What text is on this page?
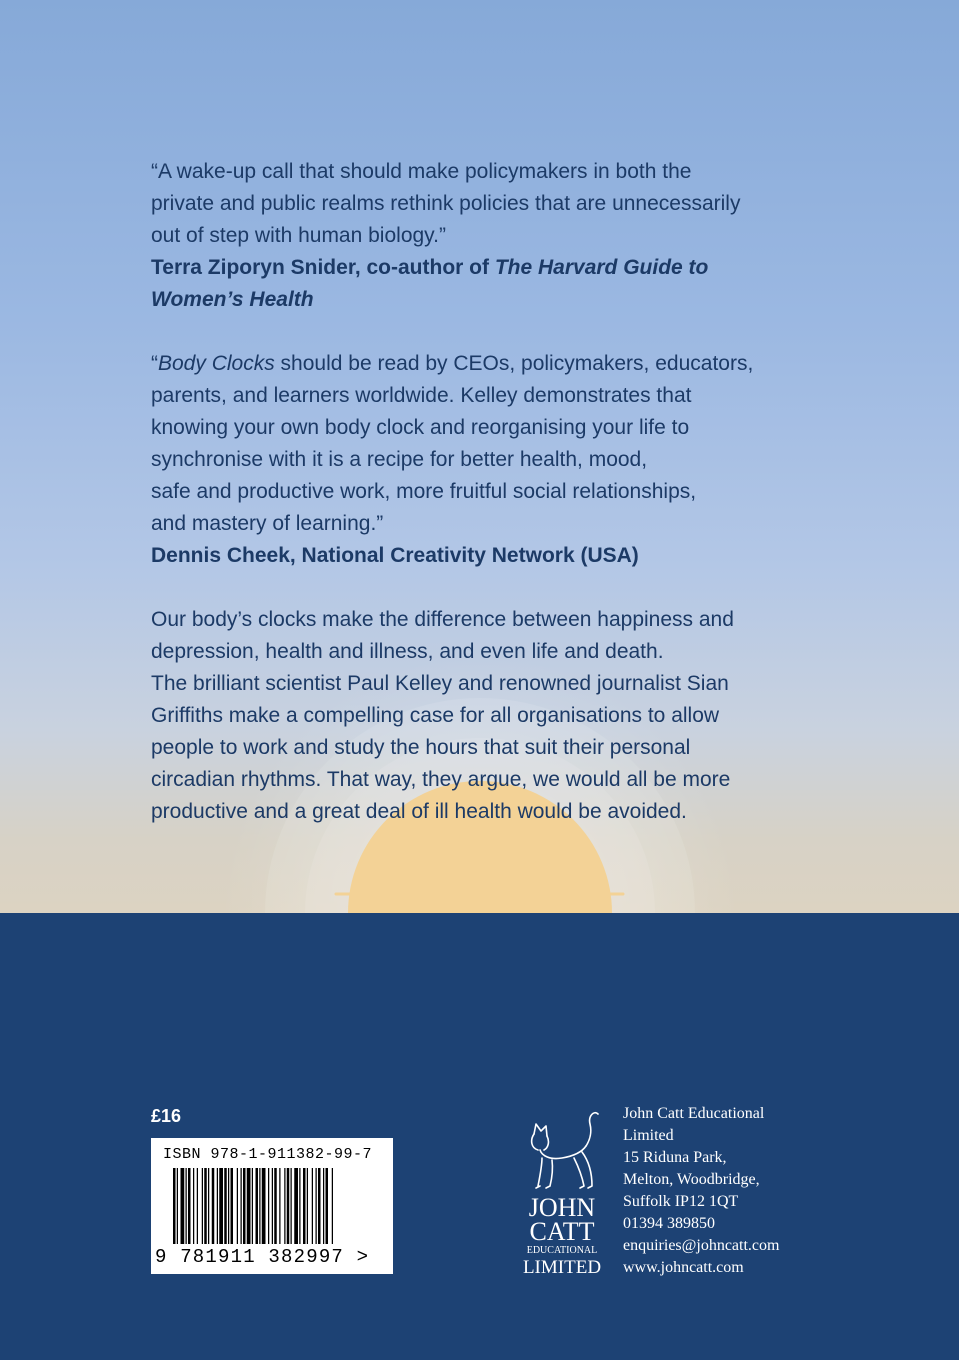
“A wake-up call that should make policymakers in both the

private and public realms rethink policies that are unnecessarily

out of step with human biology.”

Terra Ziporyn Snider, co-author of The Harvard Guide to

Women’s Health

“Body Clocks should be read by CEOs, policymakers, educators,

parents, and learners worldwide. Kelley demonstrates that

knowing your own body clock and reorganising your life to

synchronise with it is a recipe for better health, mood,

safe and productive work, more fruitful social relationships,

and mastery of learning.”

Dennis Cheek, National Creativity Network (USA)

Our body’s clocks make the difference between happiness and

depression, health and illness, and even life and death.

The brilliant scientist Paul Kelley and renowned journalist Sian

Griffiths make a compelling case for all organisations to allow

people to work and study the hours that suit their personal

circadian rhythms. That way, they argue, we would all be more

productive and a great deal of ill health would be avoided.

£16
ISBN 978-1-911382-99-7
9 781911 382997 >
JOHN
CATT
EDUCATIONAL
LIMITED
John Catt Educational
Limited
15 Riduna Park,
Melton, Woodbridge,
Suffolk IP12 1QT
01394 389850
enquiries@johncatt.com
www.johncatt.com
